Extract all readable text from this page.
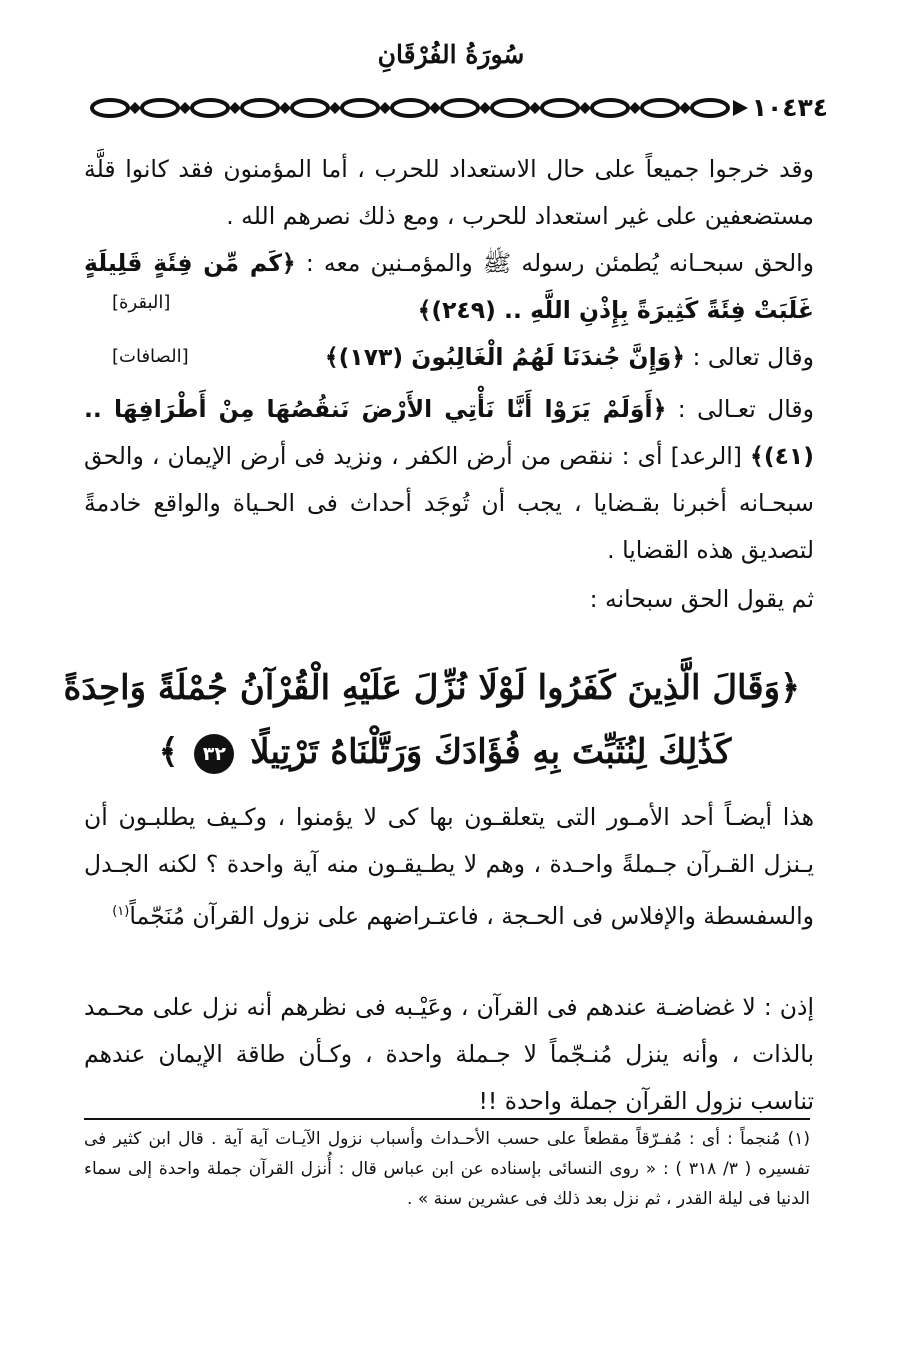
سُورَةُ الفُرْقَانِ
١٠٤٣٤

وقد خرجوا جميعاً على حال الاستعداد للحرب ، أما المؤمنون فقد كانوا قلَّة مستضعفين على غير استعداد للحرب ، ومع ذلك نصرهم الله .

والحق سبحـانه يُطمئن رسوله ﷺ والمؤمـنين معه : ﴿كَم مِّن فِئَةٍ قَلِيلَةٍ غَلَبَتْ فِئَةً كَثِيرَةً بِإِذْنِ اللَّهِ .. (٢٤٩)﴾

[البقرة]

وقال تعالى : ﴿وَإِنَّ جُندَنَا لَهُمُ الْغَالِبُونَ (١٧٣)﴾

[الصافات]

وقال تعـالى : ﴿أَوَلَمْ يَرَوْا أَنَّا نَأْتِي الأَرْضَ نَنقُصُهَا مِنْ أَطْرَافِهَا .. (٤١)﴾ [الرعد] أى : ننقص من أرض الكفر ، ونزيد فى أرض الإيمان ، والحق سبحـانه أخبرنا بقـضايا ، يجب أن تُوجَد أحداث فى الحـياة والواقع خادمةً لتصديق هذه القضايا .

ثم يقول الحق سبحانه :

﴿وَقَالَ الَّذِينَ كَفَرُوا لَوْلَا نُزِّلَ عَلَيْهِ الْقُرْآنُ جُمْلَةً وَاحِدَةً
كَذَٰلِكَ لِنُثَبِّتَ بِهِ فُؤَادَكَ وَرَتَّلْنَاهُ تَرْتِيلًا ٣٢ ﴾

هذا أيضـاً أحد الأمـور التى يتعلقـون بها كى لا يؤمنوا ، وكـيف يطلبـون أن يـنزل القـرآن جـملةً واحـدة ، وهم لا يطـيقـون منه آية واحدة ؟ لكنه الجـدل والسفسطة والإفلاس فى الحـجة ، فاعتـراضهم على نزول القرآن مُنَجّماً$^{(١)}$

إذن : لا غضاضـة عندهم فى القرآن ، وعَيْـبه فى نظرهم أنه نزل على محـمد بالذات ، وأنه ينزل مُنـجّماً لا جـملة واحدة ، وكـأن طاقة الإيمان عندهم تناسب نزول القرآن جملة واحدة !!

(١) مُنجماً : أى : مُفـرّقاً مقطعاً على حسب الأحـداث وأسباب نزول الآيـات آية آية . قال ابن كثير فى تفسيره ( ٣/ ٣١٨ ) : « روى النسائى بإسناده عن ابن عباس قال : أُنزل القرآن جملة واحدة إلى سماء الدنيا فى ليلة القدر ، ثم نزل بعد ذلك فى عشرين سنة » .
